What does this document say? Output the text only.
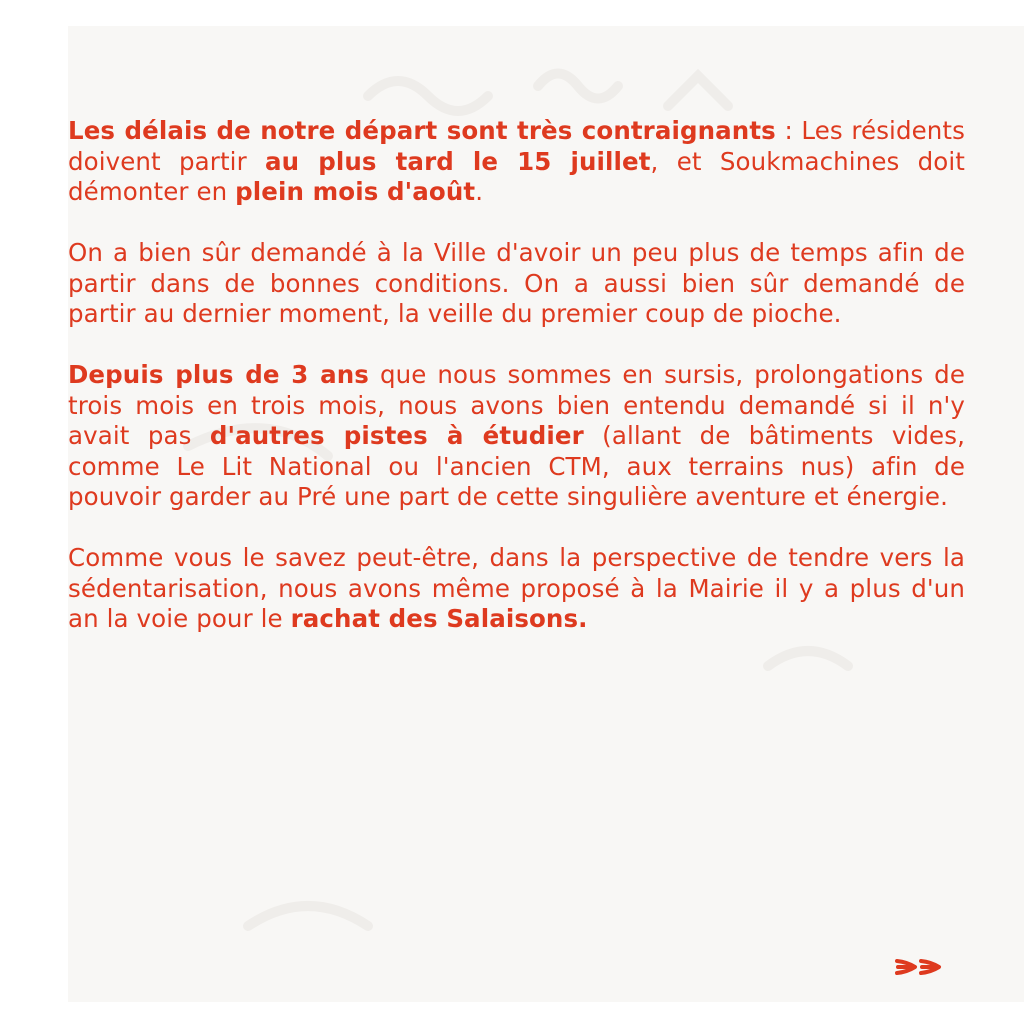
Les délais de notre départ sont très contraignants : Les résidents doivent partir au plus tard le 15 juillet, et Soukmachines doit démonter en plein mois d'août.

On a bien sûr demandé à la Ville d'avoir un peu plus de temps afin de partir dans de bonnes conditions. On a aussi bien sûr demandé de partir au dernier moment, la veille du premier coup de pioche.

Depuis plus de 3 ans que nous sommes en sursis, prolongations de trois mois en trois mois, nous avons bien entendu demandé si il n'y avait pas d'autres pistes à étudier (allant de bâtiments vides, comme Le Lit National ou l'ancien CTM, aux terrains nus) afin de pouvoir garder au Pré une part de cette singulière aventure et énergie.

Comme vous le savez peut-être, dans la perspective de tendre vers la sédentarisation, nous avons même proposé à la Mairie il y a plus d'un an la voie pour le rachat des Salaisons.
